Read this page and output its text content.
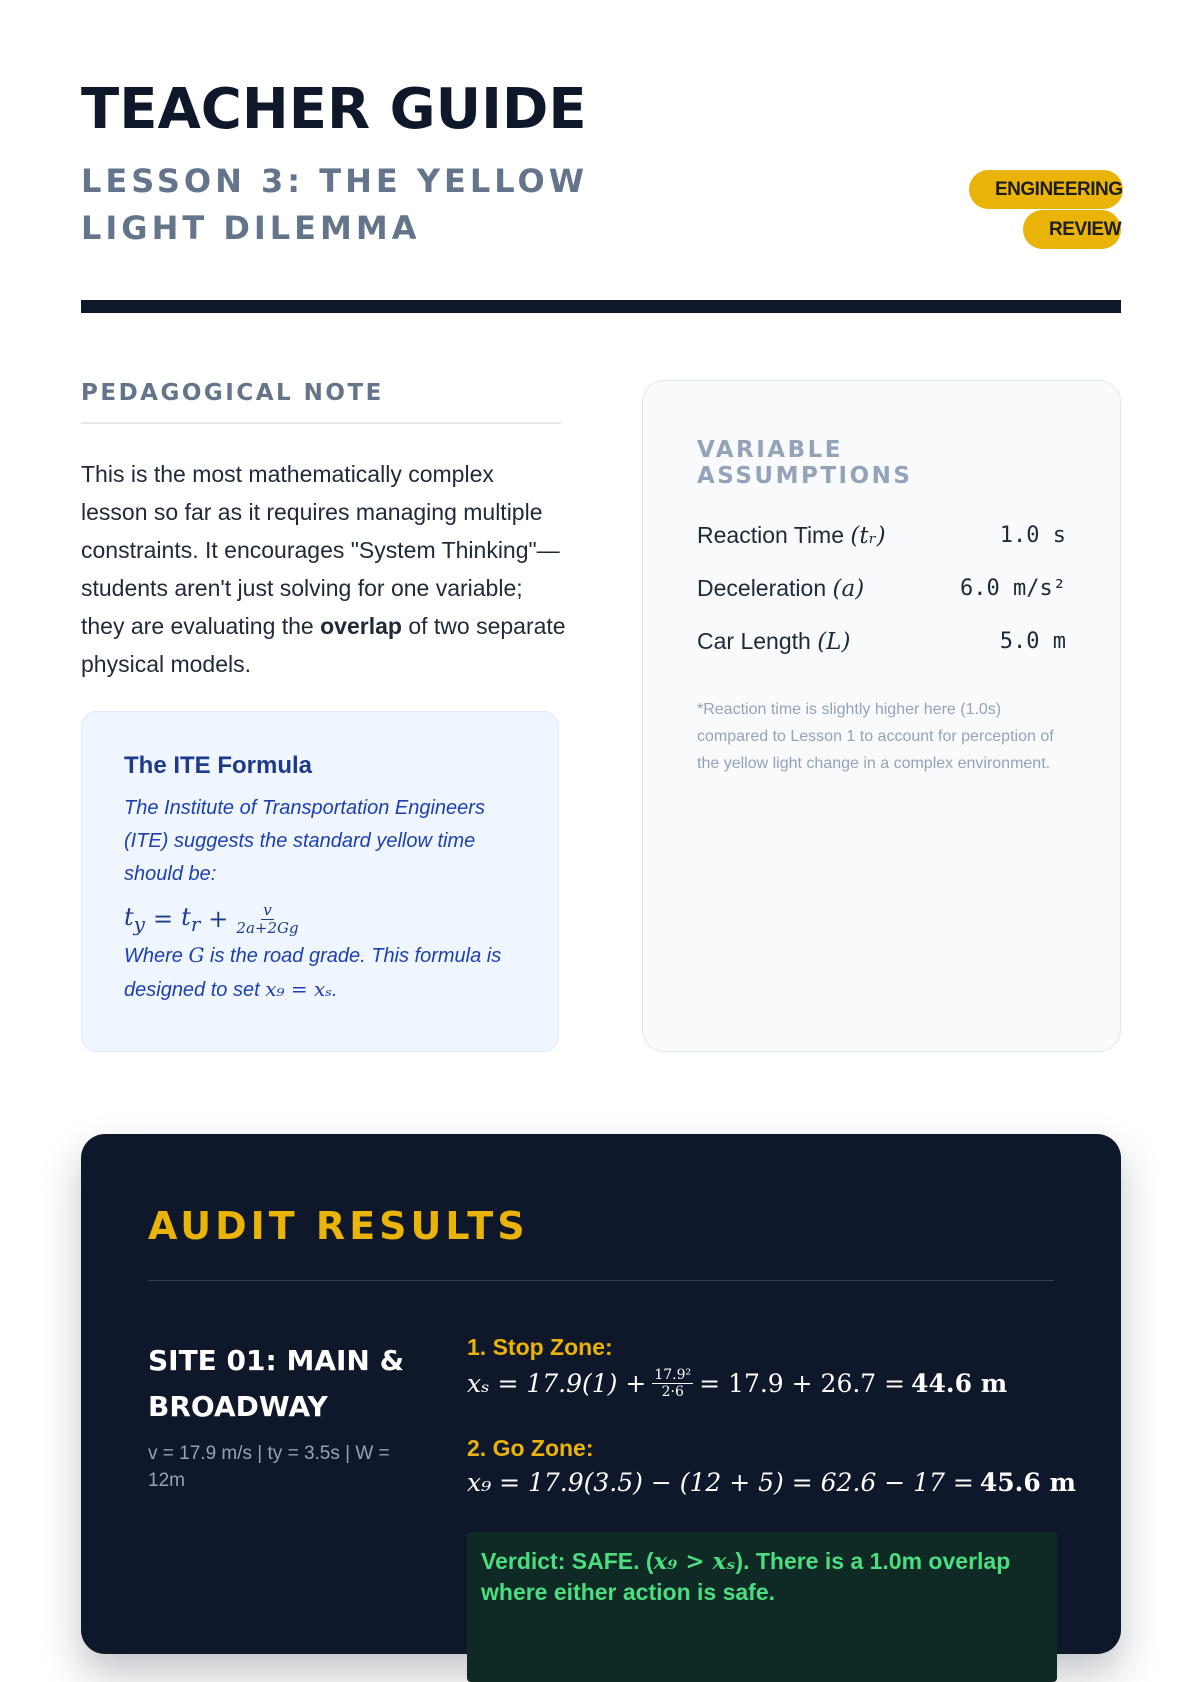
TEACHER GUIDE
LESSON 3: THE YELLOW LIGHT DILEMMA
ENGINEERING REVIEW
PEDAGOGICAL NOTE
This is the most mathematically complex lesson so far as it requires managing multiple constraints. It encourages "System Thinking"—students aren't just solving for one variable; they are evaluating the overlap of two separate physical models.
The ITE Formula

The Institute of Transportation Engineers (ITE) suggests the standard yellow time should be:

$t_y = t_r + \frac{v}{2a+2Gg}$

Where G is the road grade. This formula is designed to set x₉ = xₛ.

VARIABLE ASSUMPTIONS
Reaction Time (tᵣ)	1.0 s
Deceleration (a)	6.0 m/s²
Car Length (L)	5.0 m
*Reaction time is slightly higher here (1.0s) compared to Lesson 1 to account for perception of the yellow light change in a complex environment.
AUDIT RESULTS
SITE 01: MAIN & BROADWAY
v = 17.9 m/s | ty = 3.5s | W = 12m
1. Stop Zone:
$x_s = 17.9(1) + \frac{\text{17.9²}}{2\cdot 6} = 17.9 + 26.7 = 44.6$ m
2. Go Zone:
x₉ = 17.9(3.5) − (12 + 5) = 62.6 − 17 = 45.6 m
Verdict: SAFE. (x₉ > xₛ). There is a 1.0m overlap where either action is safe.
